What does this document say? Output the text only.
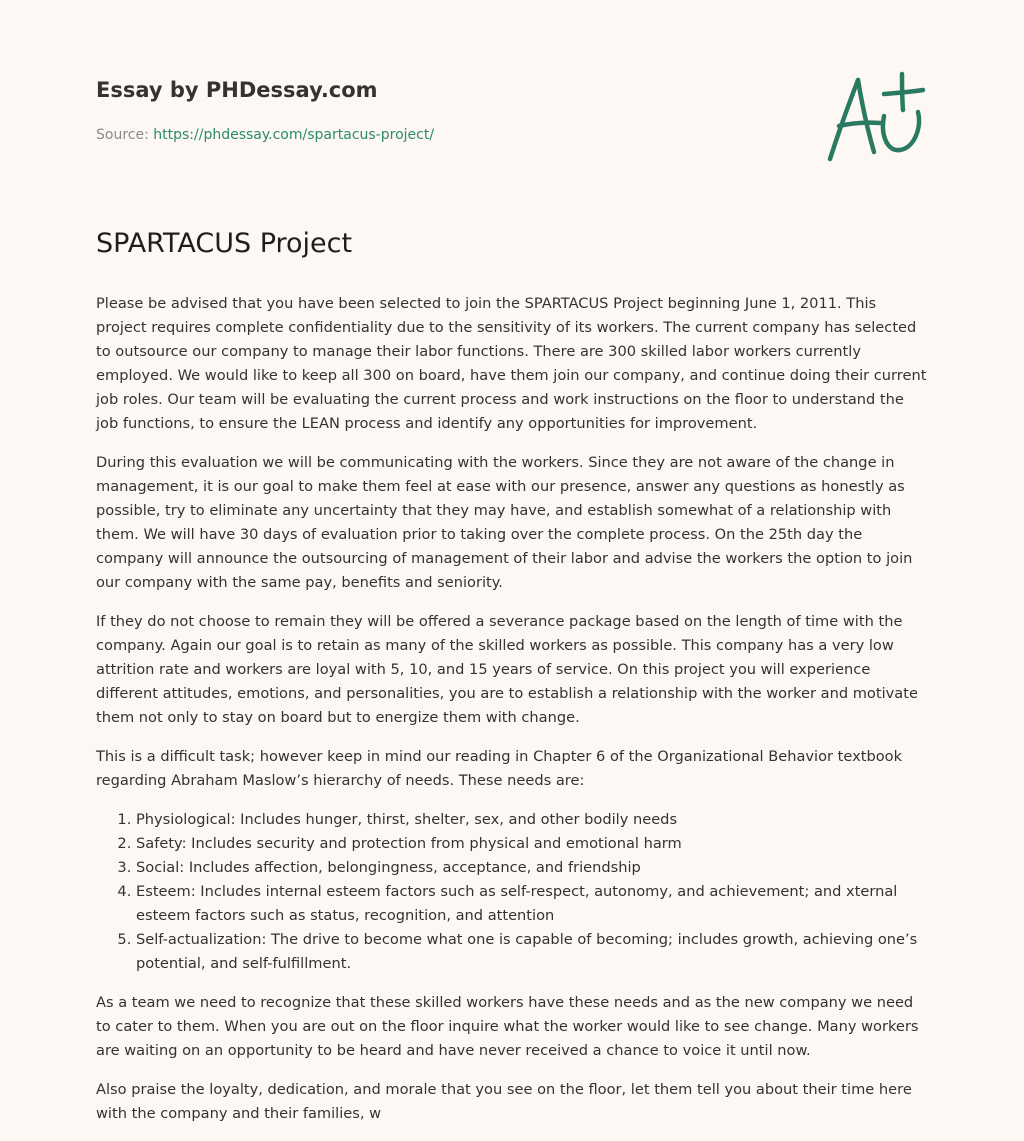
Essay by PHDessay.com
Source: https://phdessay.com/spartacus-project/
SPARTACUS Project

Please be advised that you have been selected to join the SPARTACUS Project beginning June 1, 2011. This project requires complete confidentiality due to the sensitivity of its workers. The current company has selected to outsource our company to manage their labor functions. There are 300 skilled labor workers currently employed. We would like to keep all 300 on board, have them join our company, and continue doing their current job roles. Our team will be evaluating the current process and work instructions on the floor to understand the job functions, to ensure the LEAN process and identify any opportunities for improvement.

During this evaluation we will be communicating with the workers. Since they are not aware of the change in management, it is our goal to make them feel at ease with our presence, answer any questions as honestly as possible, try to eliminate any uncertainty that they may have, and establish somewhat of a relationship with them. We will have 30 days of evaluation prior to taking over the complete process. On the 25th day the company will announce the outsourcing of management of their labor and advise the workers the option to join our company with the same pay, benefits and seniority.

If they do not choose to remain they will be offered a severance package based on the length of time with the company. Again our goal is to retain as many of the skilled workers as possible. This company has a very low attrition rate and workers are loyal with 5, 10, and 15 years of service. On this project you will experience different attitudes, emotions, and personalities, you are to establish a relationship with the worker and motivate them not only to stay on board but to energize them with change.

This is a difficult task; however keep in mind our reading in Chapter 6 of the Organizational Behavior textbook regarding Abraham Maslow’s hierarchy of needs. These needs are:

1. Physiological: Includes hunger, thirst, shelter, sex, and other bodily needs
2. Safety: Includes security and protection from physical and emotional harm
3. Social: Includes affection, belongingness, acceptance, and friendship
4. Esteem: Includes internal esteem factors such as self-respect, autonomy, and achievement; and xternal esteem factors such as status, recognition, and attention
5. Self-actualization: The drive to become what one is capable of becoming; includes growth, achieving one’s potential, and self-fulfillment.

As a team we need to recognize that these skilled workers have these needs and as the new company we need to cater to them. When you are out on the floor inquire what the worker would like to see change. Many workers are waiting on an opportunity to be heard and have never received a chance to voice it until now.

Also praise the loyalty, dedication, and morale that you see on the floor, let them tell you about their time here with the company and their families, w
